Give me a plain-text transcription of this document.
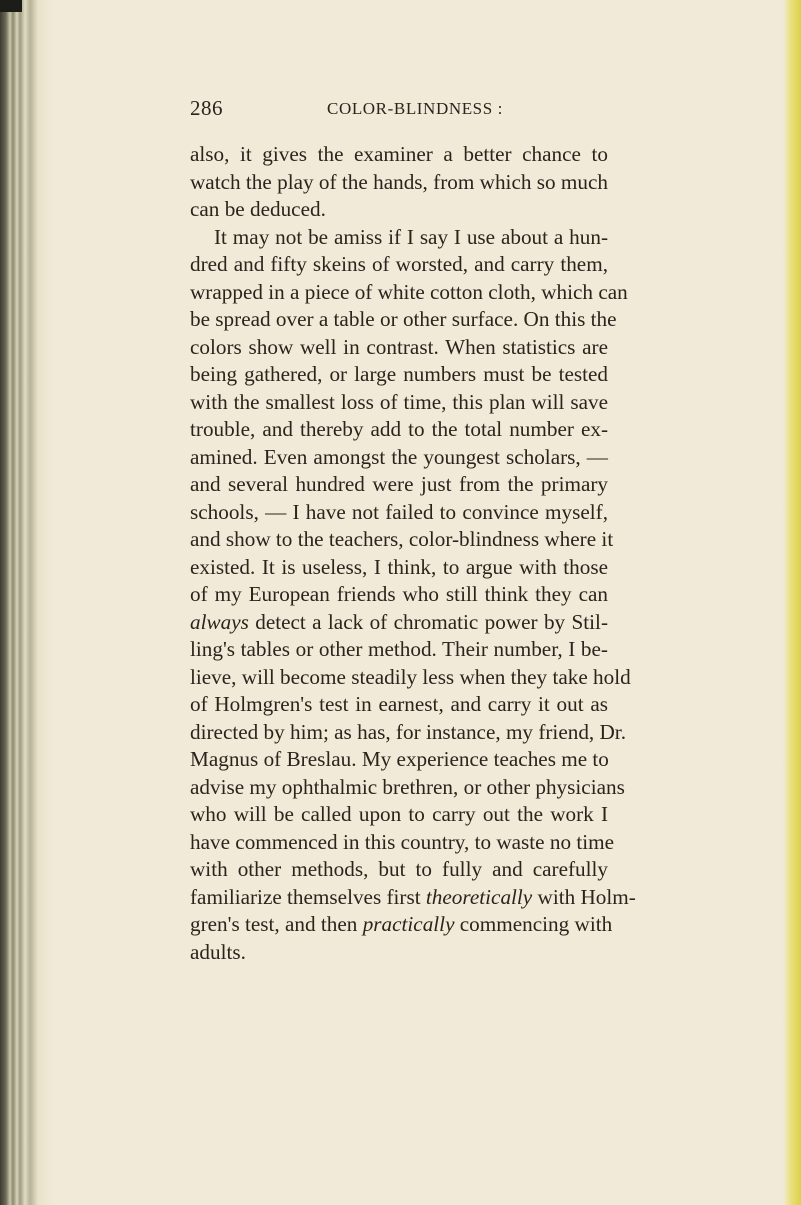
286	COLOR-BLINDNESS :
also, it gives the examiner a better chance to
watch the play of the hands, from which so much
can be deduced.
It may not be amiss if I say I use about a hun-
dred and fifty skeins of worsted, and carry them,
wrapped in a piece of white cotton cloth, which can
be spread over a table or other surface. On this the
colors show well in contrast. When statistics are
being gathered, or large numbers must be tested
with the smallest loss of time, this plan will save
trouble, and thereby add to the total number ex-
amined. Even amongst the youngest scholars, —
and several hundred were just from the primary
schools, — I have not failed to convince myself,
and show to the teachers, color-blindness where it
existed. It is useless, I think, to argue with those
of my European friends who still think they can
always detect a lack of chromatic power by Stil-
ling's tables or other method. Their number, I be-
lieve, will become steadily less when they take hold
of Holmgren's test in earnest, and carry it out as
directed by him; as has, for instance, my friend, Dr.
Magnus of Breslau. My experience teaches me to
advise my ophthalmic brethren, or other physicians
who will be called upon to carry out the work I
have commenced in this country, to waste no time
with other methods, but to fully and carefully
familiarize themselves first theoretically with Holm-
gren's test, and then practically commencing with
adults.
